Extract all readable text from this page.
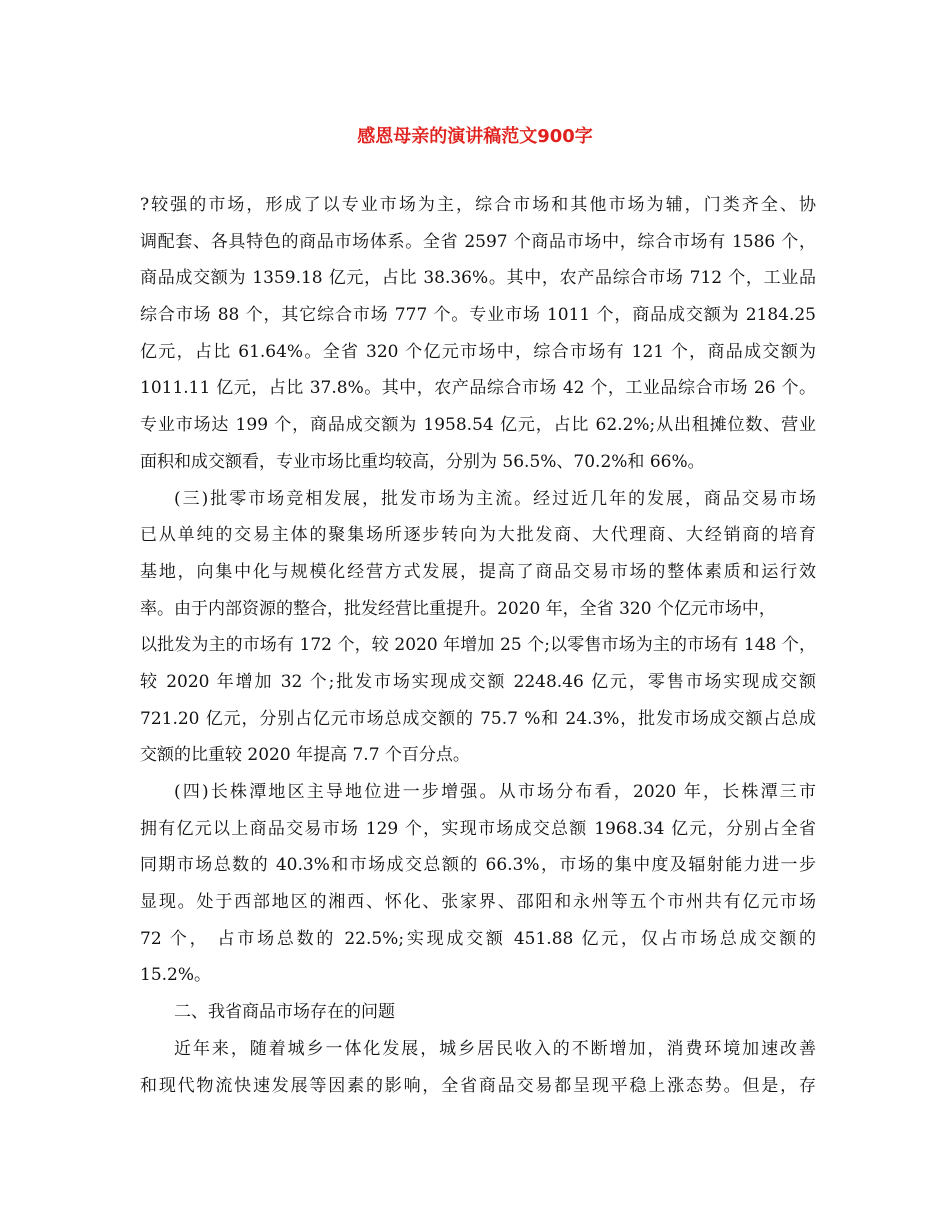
感恩母亲的演讲稿范文900字
?较强的市场，形成了以专业市场为主，综合市场和其他市场为辅，门类齐全、协
调配套、各具特色的商品市场体系。全省 2597 个商品市场中，综合市场有 1586 个，
商品成交额为 1359.18 亿元，占比 38.36%。其中，农产品综合市场 712 个，工业品
综合市场 88 个，其它综合市场 777 个。专业市场 1011 个，商品成交额为 2184.25
亿元，占比 61.64%。全省 320 个亿元市场中，综合市场有 121 个，商品成交额为
1011.11 亿元，占比 37.8%。其中，农产品综合市场 42 个，工业品综合市场 26 个。
专业市场达 199 个，商品成交额为 1958.54 亿元，占比 62.2%;从出租摊位数、营业
面积和成交额看，专业市场比重均较高，分别为 56.5%、70.2%和 66%。
(三)批零市场竞相发展，批发市场为主流。经过近几年的发展，商品交易市场
已从单纯的交易主体的聚集场所逐步转向为大批发商、大代理商、大经销商的培育
基地，向集中化与规模化经营方式发展，提高了商品交易市场的整体素质和运行效
率。由于内部资源的整合，批发经营比重提升。2020 年，全省 320 个亿元市场中，
以批发为主的市场有 172 个，较 2020 年增加 25 个;以零售市场为主的市场有 148 个，
较 2020 年增加 32 个;批发市场实现成交额 2248.46 亿元，零售市场实现成交额
721.20 亿元，分别占亿元市场总成交额的 75.7 %和 24.3%，批发市场成交额占总成
交额的比重较 2020 年提高 7.7 个百分点。
(四)长株潭地区主导地位进一步增强。从市场分布看，2020 年，长株潭三市
拥有亿元以上商品交易市场 129 个，实现市场成交总额 1968.34 亿元，分别占全省
同期市场总数的 40.3%和市场成交总额的 66.3%，市场的集中度及辐射能力进一步
显现。处于西部地区的湘西、怀化、张家界、邵阳和永州等五个市州共有亿元市场
72 个， 占市场总数的 22.5%;实现成交额 451.88 亿元，仅占市场总成交额的
15.2%。
二、我省商品市场存在的问题
近年来，随着城乡一体化发展，城乡居民收入的不断增加，消费环境加速改善
和现代物流快速发展等因素的影响，全省商品交易都呈现平稳上涨态势。但是，存
